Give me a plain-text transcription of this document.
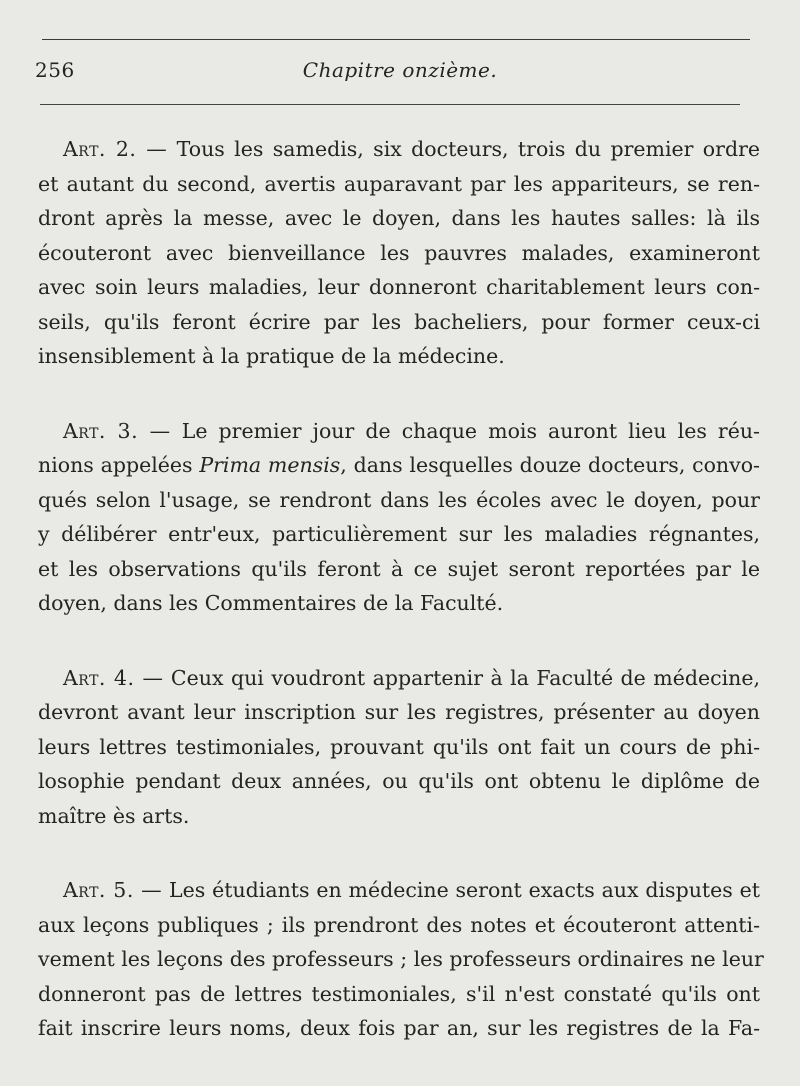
256	Chapitre onzième.
Art. 2. — Tous les samedis, six docteurs, trois du premier ordre
et autant du second, avertis auparavant par les appariteurs, se ren-
dront après la messe, avec le doyen, dans les hautes salles: là ils
écouteront avec bienveillance les pauvres malades, examineront
avec soin leurs maladies, leur donneront charitablement leurs con-
seils, qu'ils feront écrire par les bacheliers, pour former ceux-ci
insensiblement à la pratique de la médecine.
Art. 3. — Le premier jour de chaque mois auront lieu les réu-
nions appelées Prima mensis, dans lesquelles douze docteurs, convo-
qués selon l'usage, se rendront dans les écoles avec le doyen, pour
y délibérer entr'eux, particulièrement sur les maladies régnantes,
et les observations qu'ils feront à ce sujet seront reportées par le
doyen, dans les Commentaires de la Faculté.
Art. 4. — Ceux qui voudront appartenir à la Faculté de médecine,
devront avant leur inscription sur les registres, présenter au doyen
leurs lettres testimoniales, prouvant qu'ils ont fait un cours de phi-
losophie pendant deux années, ou qu'ils ont obtenu le diplôme de
maître ès arts.
Art. 5. — Les étudiants en médecine seront exacts aux disputes et
aux leçons publiques ; ils prendront des notes et écouteront attenti-
vement les leçons des professeurs ; les professeurs ordinaires ne leur
donneront pas de lettres testimoniales, s'il n'est constaté qu'ils ont
fait inscrire leurs noms, deux fois par an, sur les registres de la Fa-
